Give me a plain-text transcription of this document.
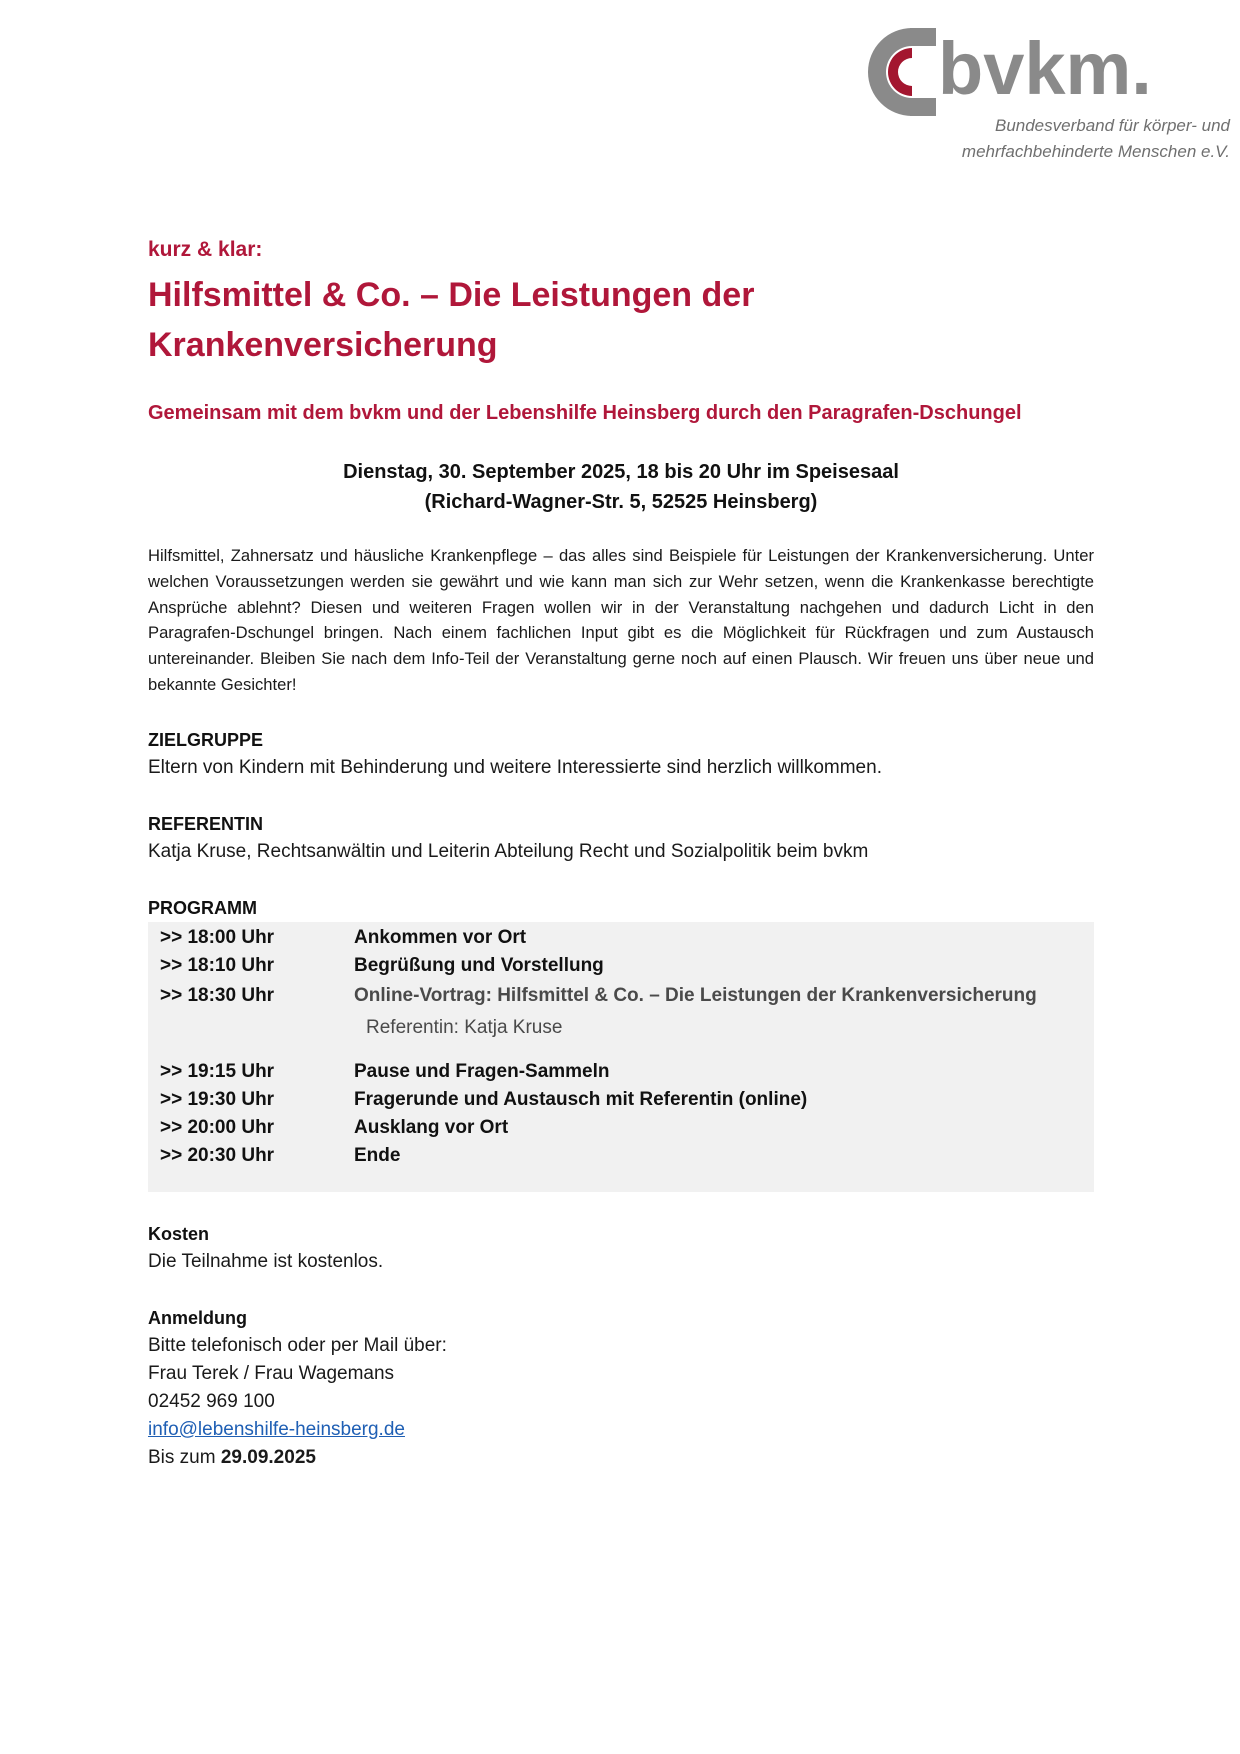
bvkm.
Bundesverband für körper- und
mehrfachbehinderte Menschen e.V.

kurz & klar:

Hilfsmittel & Co. – Die Leistungen der Krankenversicherung

Gemeinsam mit dem bvkm und der Lebenshilfe Heinsberg durch den Paragrafen-Dschungel

Dienstag, 30. September 2025, 18 bis 20 Uhr im Speisesaal
(Richard-Wagner-Str. 5, 52525 Heinsberg)

Hilfsmittel, Zahnersatz und häusliche Krankenpflege – das alles sind Beispiele für Leistungen der Krankenversicherung. Unter welchen Voraussetzungen werden sie gewährt und wie kann man sich zur Wehr setzen, wenn die Krankenkasse berechtigte Ansprüche ablehnt? Diesen und weiteren Fragen wollen wir in der Veranstaltung nachgehen und dadurch Licht in den Paragrafen-Dschungel bringen. Nach einem fachlichen Input gibt es die Möglichkeit für Rückfragen und zum Austausch untereinander. Bleiben Sie nach dem Info-Teil der Veranstaltung gerne noch auf einen Plausch. Wir freuen uns über neue und bekannte Gesichter!

ZIELGRUPPE

Eltern von Kindern mit Behinderung und weitere Interessierte sind herzlich willkommen.

REFERENTIN

Katja Kruse, Rechtsanwältin und Leiterin Abteilung Recht und Sozialpolitik beim bvkm

PROGRAMM

>> 18:00 Uhr	Ankommen vor Ort
>> 18:10 Uhr	Begrüßung und Vorstellung
>> 18:30 Uhr	Online-Vortrag: Hilfsmittel & Co. – Die Leistungen der Krankenversicherung
Referentin: Katja Kruse
>> 19:15 Uhr	Pause und Fragen-Sammeln
>> 19:30 Uhr	Fragerunde und Austausch mit Referentin (online)
>> 20:00 Uhr	Ausklang vor Ort
>> 20:30 Uhr	Ende

Kosten

Die Teilnahme ist kostenlos.

Anmeldung

Bitte telefonisch oder per Mail über:

Frau Terek / Frau Wagemans

02452 969 100

info@lebenshilfe-heinsberg.de

Bis zum 29.09.2025
